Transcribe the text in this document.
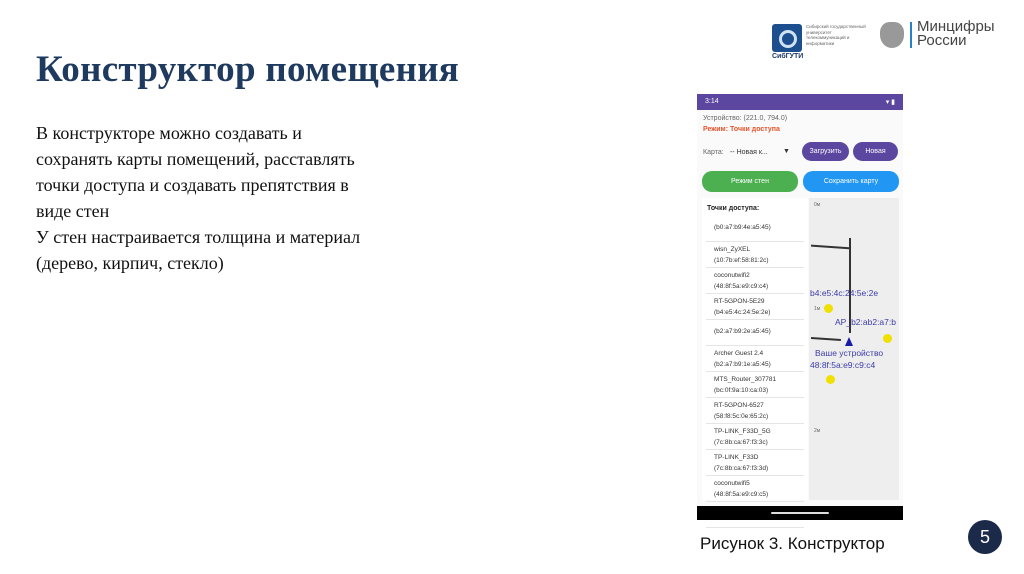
Конструктор помещения
В конструкторе можно создавать и
сохранять карты помещений, расставлять
точки доступа и создавать препятствия в
виде стен
У стен настраивается толщина и материал
(дерево, кирпич, стекло)
СибГУТИ
Сибирский государственный университет телекоммуникаций и информатики
Минцифры
России
3:14	▾ ▮
Устройство: (221.0, 794.0)
Режим: Точки доступа
Карта: -- Новая к... ▼	Загрузить	Новая
Режим стен	Сохранить карту
Точки доступа:
(b0:a7:b9:4e:a5:45)
wisn_ZyXEL
(10:7b:ef:58:81:2c)
coconutwifi2
(48:8f:5a:e9:c9:c4)
RT-5GPON-5E29
(b4:e5:4c:24:5e:2e)
(b2:a7:b9:2e:a5:45)
Archer Guest 2.4
(b2:a7:b9:1e:a5:45)
MTS_Router_307781
(bc:0f:9a:10:ca:03)
RT-5GPON-6527
(58:f8:5c:0e:65:2c)
TP-LINK_F33D_5G
(7c:8b:ca:67:f3:3c)
TP-LINK_F33D
(7c:8b:ca:67:f3:3d)
coconutwifi5
(48:8f:5a:e9:c9:c5)
0м
1м
2м
b4:e5:4c:24:5e:2e
AP_b2:ab2:a7:b
Ваше устройство
48:8f:5a:e9:c9:c4
Рисунок 3. Конструктор	5
